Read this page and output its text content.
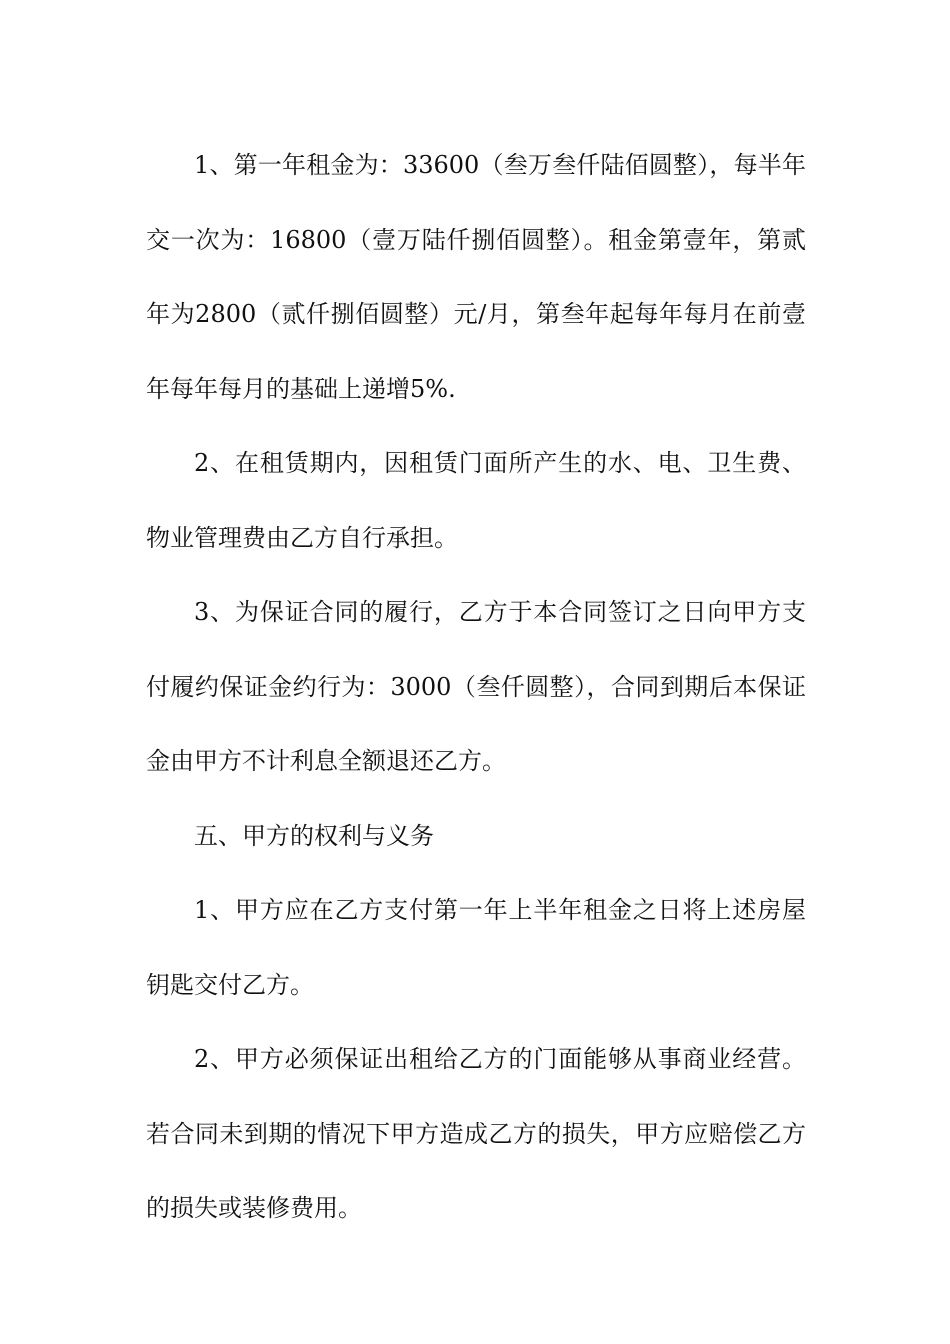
1、第一年租金为：33600（叁万叁仟陆佰圆整），每半年交一次为：16800（壹万陆仟捌佰圆整）。租金第壹年，第贰年为2800（贰仟捌佰圆整）元/月，第叁年起每年每月在前壹年每年每月的基础上递增5%.

2、在租赁期内，因租赁门面所产生的水、电、卫生费、物业管理费由乙方自行承担。

3、为保证合同的履行，乙方于本合同签订之日向甲方支付履约保证金约行为：3000（叁仟圆整），合同到期后本保证金由甲方不计利息全额退还乙方。

五、甲方的权利与义务

1、甲方应在乙方支付第一年上半年租金之日将上述房屋钥匙交付乙方。

2、甲方必须保证出租给乙方的门面能够从事商业经营。若合同未到期的情况下甲方造成乙方的损失，甲方应赔偿乙方的损失或装修费用。
